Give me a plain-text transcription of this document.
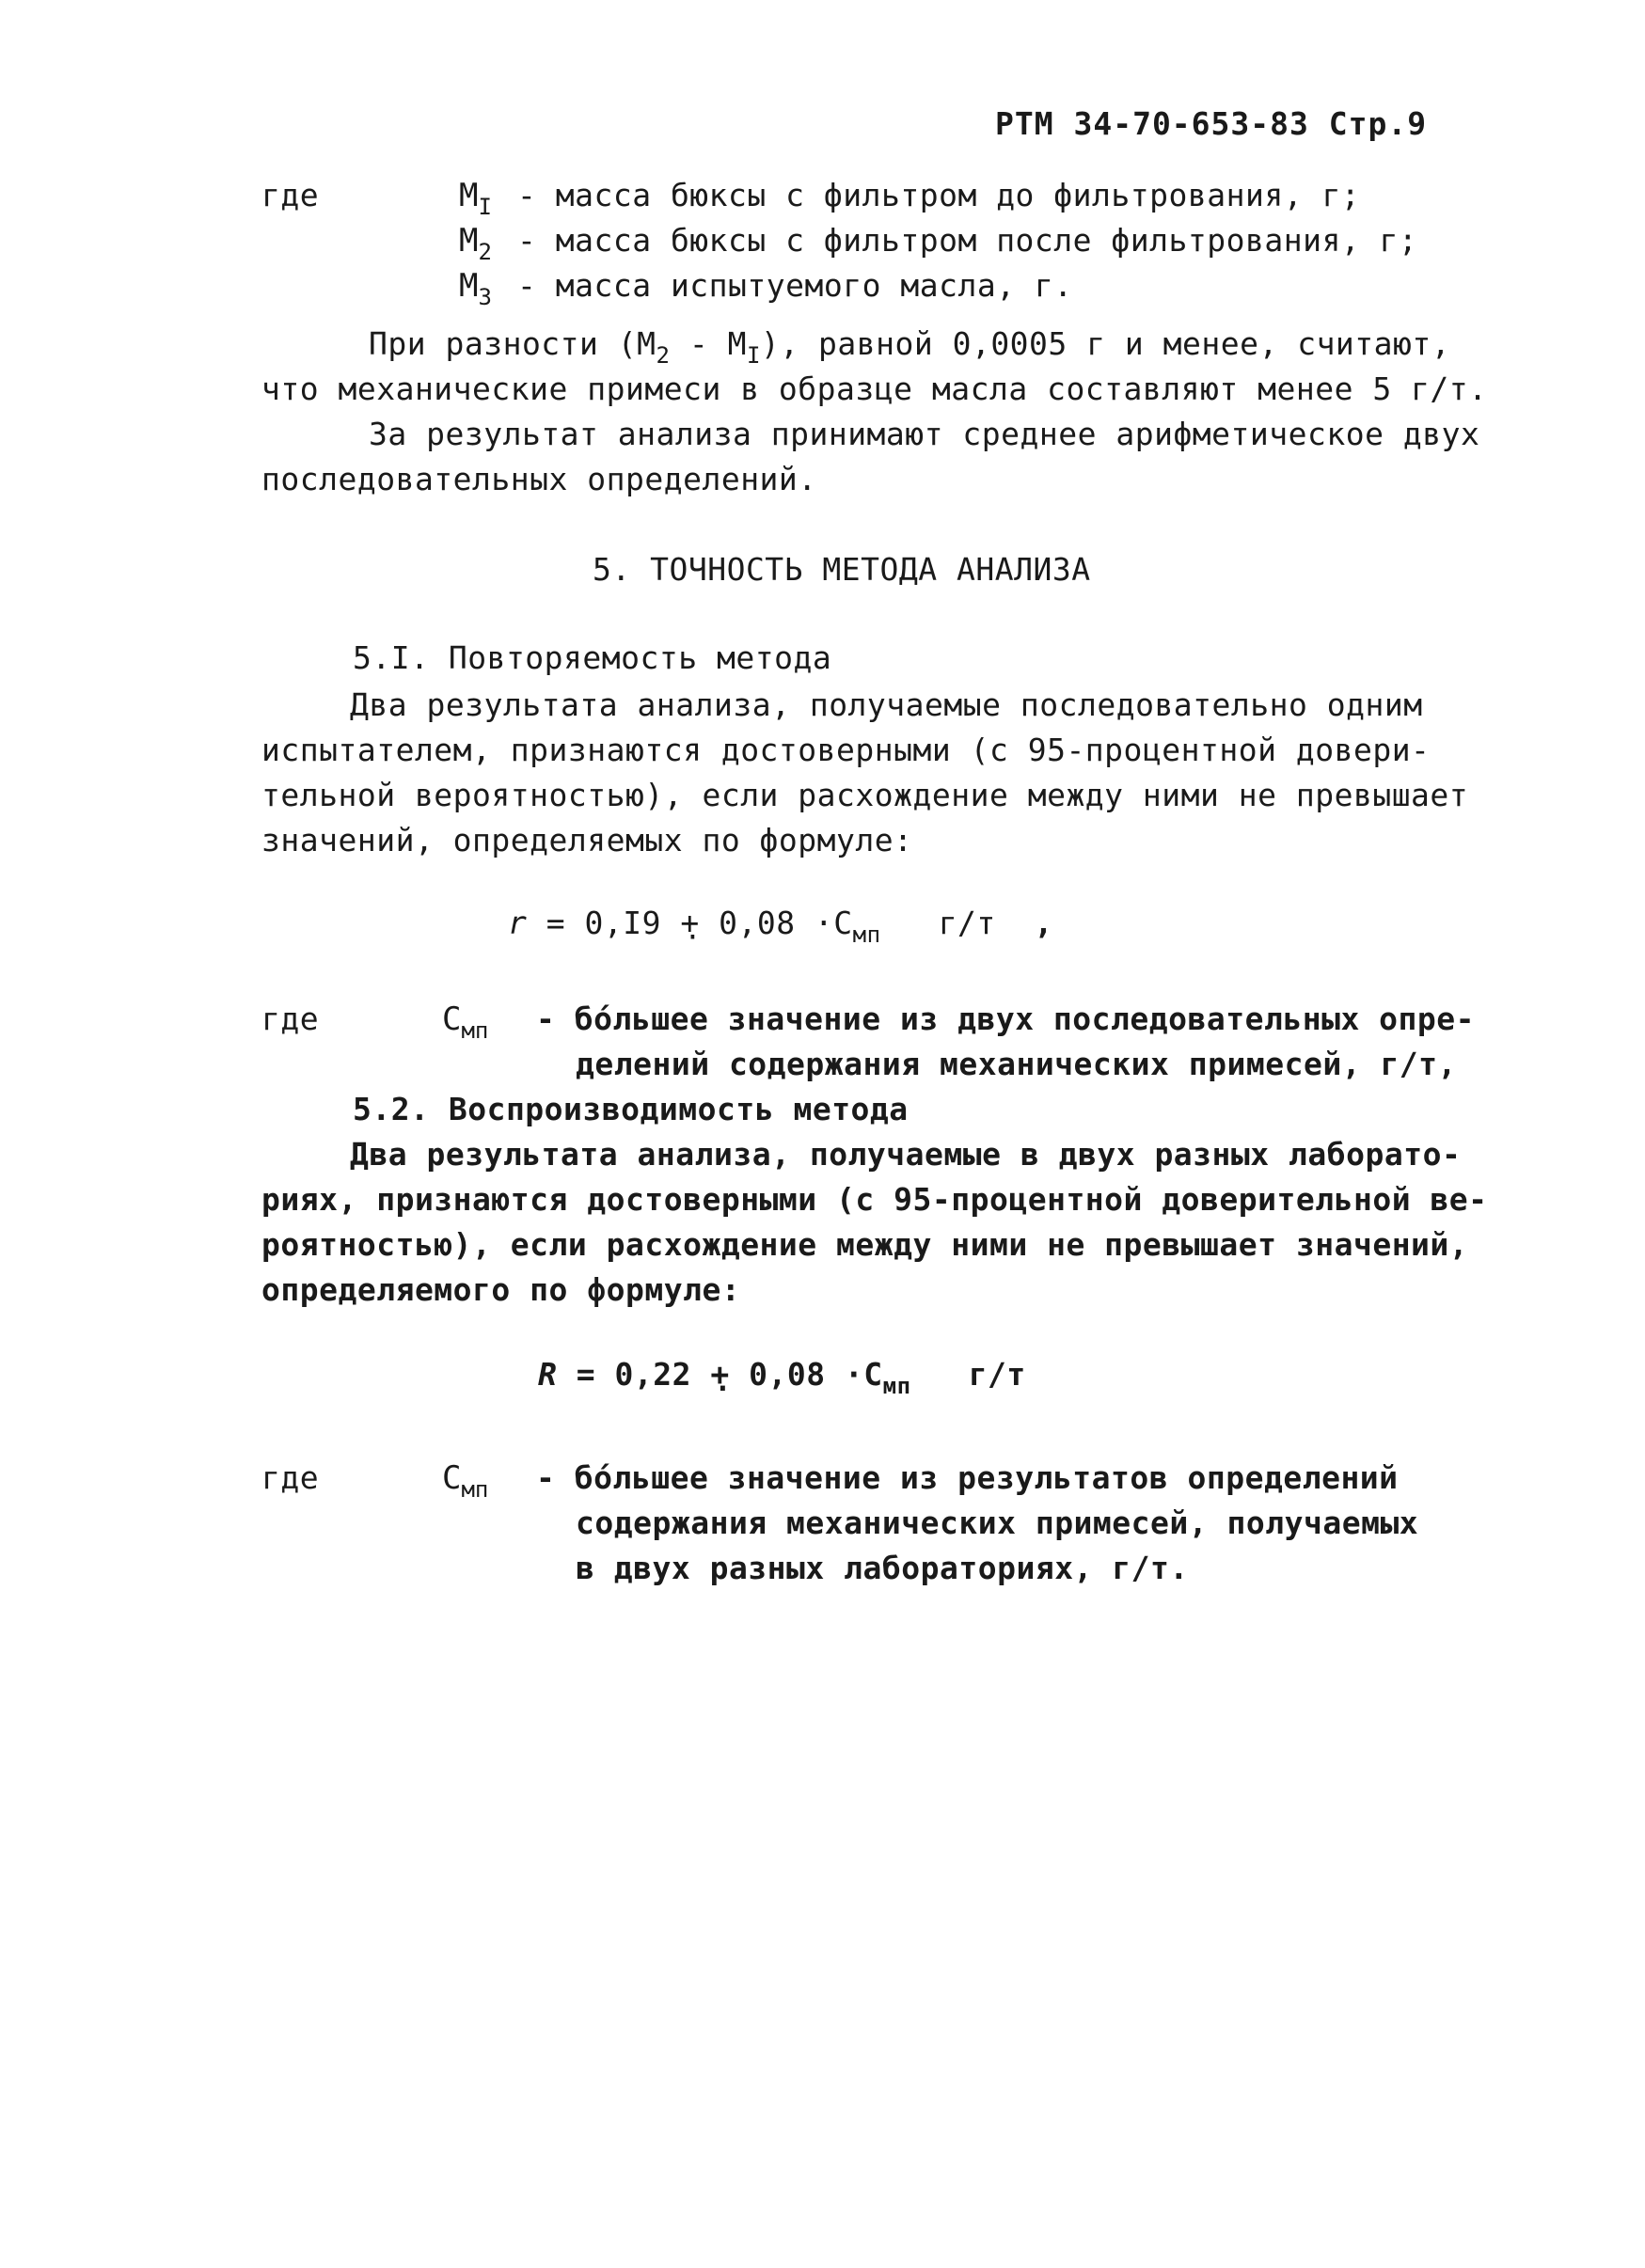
РТМ 34-70-653-83 Стр.9
где	$M_I$ - масса бюксы с фильтром до фильтрования, г;
$M_2$ - масса бюксы с фильтром после фильтрования, г;
$M_3$ - масса испытуемого масла, г.
При разности $(M_2 - M_I)$, равной 0,0005 г и менее, считают,
что механические примеси в образце масла составляют менее 5 г/т.
За результат анализа принимают среднее арифметическое двух
последовательных определений.
5. ТОЧНОСТЬ МЕТОДА АНАЛИЗА
5.I. Повторяемость метода
Два результата анализа, получаемые последовательно одним
испытателем, признаются достоверными (с 95-процентной довери-
тельной вероятностью), если расхождение между ними не превышает
значений, определяемых по формуле:
r = 0,I9 + · $0,08 \cdot C_{мп}$ г/т ,
где	$C_{мп}$ - бо́льшее значение из двух последовательных опре-
делений содержания механических примесей, г/т,
5.2. Воспроизводимость метода
Два результата анализа, получаемые в двух разных лаборато-
риях, признаются достоверными (с 95-процентной доверительной ве-
роятностью), если расхождение между ними не превышает значений,
определяемого по формуле:
R = 0,22 + · $0,08 \cdot C_{мп}$ г/т
где	$C_{мп}$ - бо́льшее значение из результатов определений
содержания механических примесей, получаемых
в двух разных лабораториях, г/т.
